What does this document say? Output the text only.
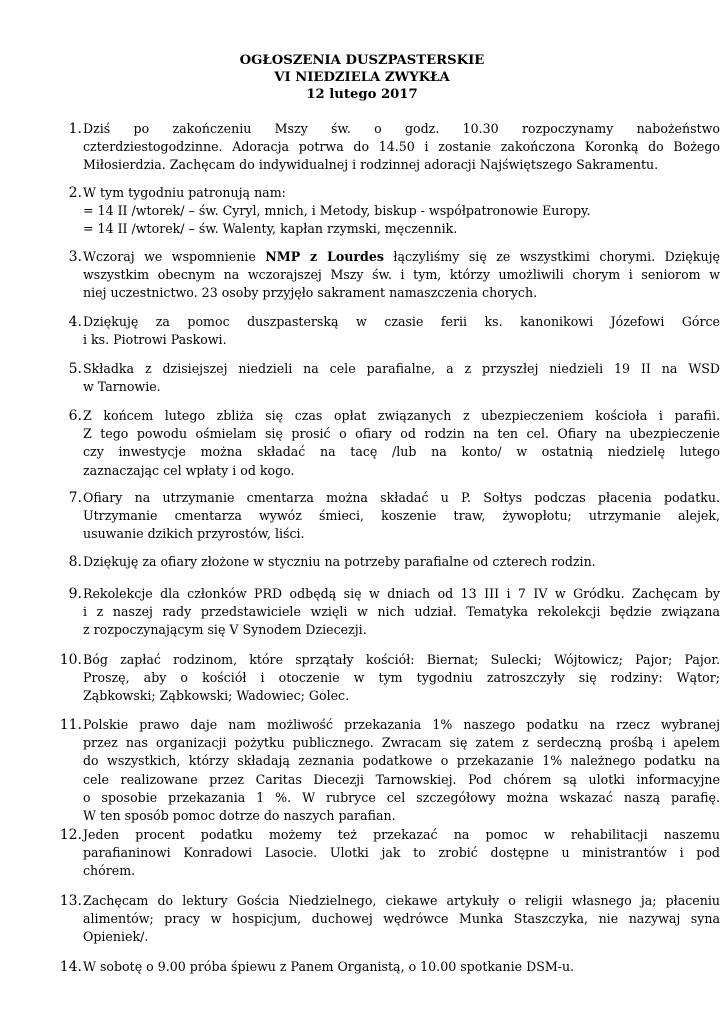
OGŁOSZENIA DUSZPASTERSKIE
VI NIEDZIELA ZWYKŁA
12 lutego 2017
1. Dziś po zakończeniu Mszy św. o godz. 10.30 rozpoczynamy nabożeństwo
czterdziestogodzinne. Adoracja potrwa do 14.50 i zostanie zakończona Koronką do Bożego
Miłosierdzia. Zachęcam do indywidualnej i rodzinnej adoracji Najświętszego Sakramentu.
2. W tym tygodniu patronują nam:
= 14 II /wtorek/ – św. Cyryl, mnich, i Metody, biskup - współpatronowie Europy.
= 14 II /wtorek/ – św. Walenty, kapłan rzymski, męczennik.
3. Wczoraj we wspomnienie NMP z Lourdes łączyliśmy się ze wszystkimi chorymi. Dziękuję
wszystkim obecnym na wczorajszej Mszy św. i tym, którzy umożliwili chorym i seniorom w
niej uczestnictwo. 23 osoby przyjęło sakrament namaszczenia chorych.
4. Dziękuję za pomoc duszpasterską w czasie ferii ks. kanonikowi Józefowi Górce
i ks. Piotrowi Paskowi.
5. Składka z dzisiejszej niedzieli na cele parafialne, a z przyszłej niedzieli 19 II na WSD
w Tarnowie.
6. Z końcem lutego zbliża się czas opłat związanych z ubezpieczeniem kościoła i parafii.
Z tego powodu ośmielam się prosić o ofiary od rodzin na ten cel. Ofiary na ubezpieczenie
czy inwestycje można składać na tacę /lub na konto/ w ostatnią niedzielę lutego
zaznaczając cel wpłaty i od kogo.
7. Ofiary na utrzymanie cmentarza można składać u P. Sołtys podczas płacenia podatku.
Utrzymanie cmentarza wywóz śmieci, koszenie traw, żywopłotu; utrzymanie alejek,
usuwanie dzikich przyrostów, liści.
8. Dziękuję za ofiary złożone w styczniu na potrzeby parafialne od czterech rodzin.
9. Rekolekcje dla członków PRD odbędą się w dniach od 13 III i 7 IV w Gródku. Zachęcam by
i z naszej rady przedstawiciele wzięli w nich udział. Tematyka rekolekcji będzie związana
z rozpoczynającym się V Synodem Dziecezji.
10. Bóg zapłać rodzinom, które sprzątały kościół: Biernat; Sulecki; Wójtowicz; Pajor; Pajor.
Proszę, aby o kościół i otoczenie w tym tygodniu zatroszczyły się rodziny: Wątor;
Ząbkowski; Ząbkowski; Wadowiec; Golec.
11. Polskie prawo daje nam możliwość przekazania 1% naszego podatku na rzecz wybranej
przez nas organizacji pożytku publicznego. Zwracam się zatem z serdeczną prośbą i apelem
do wszystkich, którzy składają zeznania podatkowe o przekazanie 1% należnego podatku na
cele realizowane przez Caritas Diecezji Tarnowskiej. Pod chórem są ulotki informacyjne
o sposobie przekazania 1 %. W rubryce cel szczegółowy można wskazać naszą parafię.
W ten sposób pomoc dotrze do naszych parafian.
12. Jeden procent podatku możemy też przekazać na pomoc w rehabilitacji naszemu
parafianinowi Konradowi Lasocie. Ulotki jak to zrobić dostępne u ministrantów i pod
chórem.
13. Zachęcam do lektury Gościa Niedzielnego, ciekawe artykuły o religii własnego ja; płaceniu
alimentów; pracy w hospicjum, duchowej wędrówce Munka Staszczyka, nie nazywaj syna
Opieniek/.
14. W sobotę o 9.00 próba śpiewu z Panem Organistą, o 10.00 spotkanie DSM-u.
